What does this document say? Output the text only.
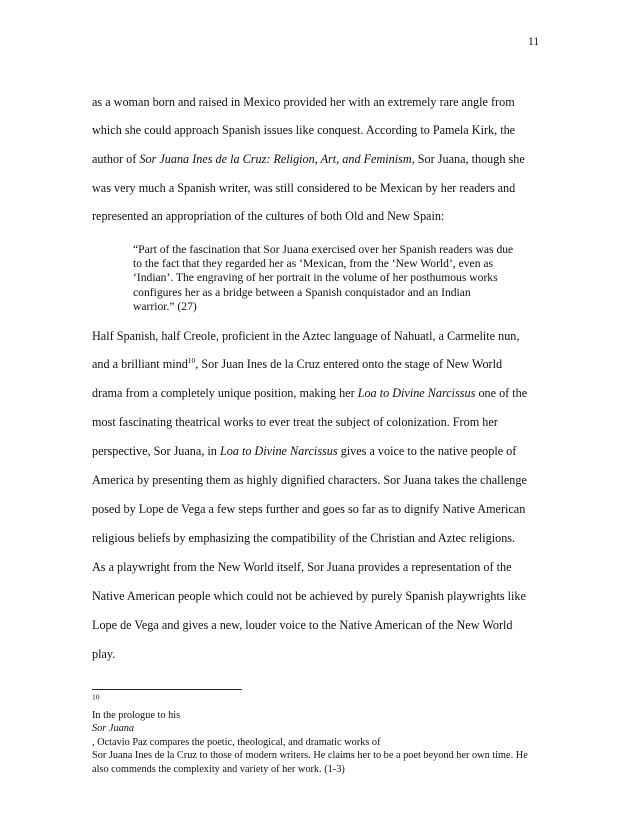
11
as a woman born and raised in Mexico provided her with an extremely rare angle from
which she could approach Spanish issues like conquest. According to Pamela Kirk, the
author of Sor Juana Ines de la Cruz: Religion, Art, and Feminism, Sor Juana, though she
was very much a Spanish writer, was still considered to be Mexican by her readers and
represented an appropriation of the cultures of both Old and New Spain:
“Part of the fascination that Sor Juana exercised over her Spanish readers was due
to the fact that they regarded her as ‘Mexican, from the ‘New World’, even as
‘Indian’. The engraving of her portrait in the volume of her posthumous works
configures her as a bridge between a Spanish conquistador and an Indian
warrior.” (27)
Half Spanish, half Creole, proficient in the Aztec language of Nahuatl, a Carmelite nun,
and a brilliant mind$^{10}$, Sor Juan Ines de la Cruz entered onto the stage of New World
drama from a completely unique position, making her Loa to Divine Narcissus one of the
most fascinating theatrical works to ever treat the subject of colonization. From her
perspective, Sor Juana, in Loa to Divine Narcissus gives a voice to the native people of
America by presenting them as highly dignified characters. Sor Juana takes the challenge
posed by Lope de Vega a few steps further and goes so far as to dignify Native American
religious beliefs by emphasizing the compatibility of the Christian and Aztec religions.
As a playwright from the New World itself, Sor Juana provides a representation of the
Native American people which could not be achieved by purely Spanish playwrights like
Lope de Vega and gives a new, louder voice to the Native American of the New World
play.
$^{10}$
In the prologue to his
Sor Juana
, Octavio Paz compares the poetic, theological, and dramatic works of
Sor Juana Ines de la Cruz to those of modern writers. He claims her to be a poet beyond her own time. He
also commends the complexity and variety of her work. (1-3)
